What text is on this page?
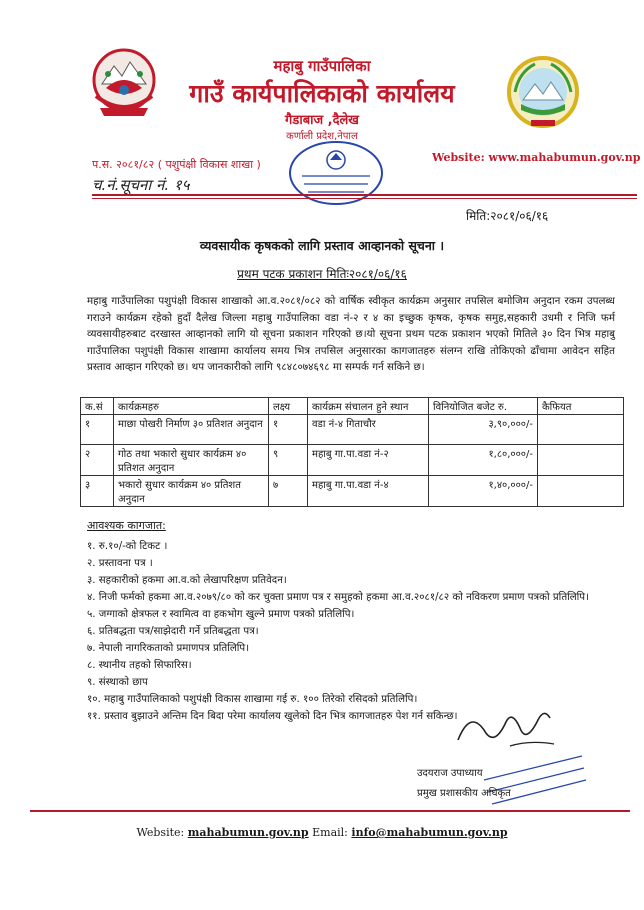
महाबु गाउँपालिका
गाउँ कार्यपालिकाको कार्यालय
गैडाबाज ,दैलेख
कर्णाली प्रदेश,नेपाल
प.स. २०८१/८२ ( पशुपंक्षी विकास शाखा )
च.नं.सूचना नं. १५
Website: www.mahabumun.gov.np
मिति:२०८१/०६/१६
व्यवसायीक कृषकको लागि प्रस्ताव आव्हानको सूचना ।
प्रथम पटक प्रकाशन मितिः२०८१/०६/१६
महाबु गाउँपालिका पशुपंक्षी विकास शाखाको आ.व.२०८१/०८२ को वार्षिक स्वीकृत कार्यक्रम अनुसार तपसिल बमोजिम अनुदान रकम उपलब्ध गराउने कार्यक्रम रहेको हुदाँ दैलेख जिल्ला महाबु गाउँपालिका वडा नं-२ र ४ का इच्छुक कृषक, कृषक समुह,सहकारी उधमी र निजि फर्म व्यवसायीहरुबाट दरखास्त आव्हानको लागि यो सूचना प्रकाशन गरिएको छ।यो सूचना प्रथम पटक प्रकाशन भएको मितिले ३० दिन भित्र महाबु गाउँपालिका पशुपंक्षी विकास शाखामा कार्यालय समय भित्र तपसिल अनुसारका कागजातहरु संलग्न राखि तोकिएको ढाँचामा आवेदन सहित प्रस्ताव आव्हान गरिएको छ। थप जानकारीको लागि ९८४८०७४६९८ मा सम्पर्क गर्न सकिने छ।
क.सं	कार्यक्रमहरु	लक्ष्य	कार्यक्रम संचालन हुने स्थान	विनियोजित बजेट रु.	कैफियत
१	माछा पोखरी निर्माण ३० प्रतिशत अनुदान	१	वडा नं-४ गिताचौर	३,९०,०००/-	
२	गोठ तथा भकारो सुधार कार्यक्रम ४० प्रतिशत अनुदान	९	महाबु गा.पा.वडा नं-२	१,८०,०००/-	
३	भकारो सुधार कार्यक्रम ४० प्रतिशत अनुदान	७	महाबु गा.पा.वडा नं-४	१,४०,०००/-	
आवश्यक कागजात:

१. रु.१०/-को टिकट ।

२. प्रस्तावना पत्र ।

३. सहकारीको हकमा आ.व.को लेखापरिक्षण प्रतिवेदन।

४. निजी फर्मको हकमा आ.व.२०७९/८० को कर चुक्ता प्रमाण पत्र र समुहको हकमा आ.व.२०८१/८२ को नविकरण प्रमाण पत्रको प्रतिलिपि।

५. जग्गाको क्षेत्रफल र स्वामित्व वा हकभोग खुल्ने प्रमाण पत्रको प्रतिलिपि।

६. प्रतिबद्धता पत्र/साझेदारी गर्ने प्रतिबद्धता पत्र।

७. नेपाली नागरिकताको प्रमाणपत्र प्रतिलिपि।

८. स्थानीय तहको सिफारिस।

९. संस्थाको छाप

१०. महाबु गाउँपालिकाको पशुपंक्षी विकास शाखामा गई रु. १०० तिरेको रसिदको प्रतिलिपि।

११. प्रस्ताव बुझाउने अन्तिम दिन बिदा परेमा कार्यालय खुलेको दिन भित्र कागजातहरु पेश गर्न सकिन्छ।

उदयराज उपाध्याय
प्रमुख प्रशासकीय अधिकृत
Website: mahabumun.gov.np Email: info@mahabumun.gov.np
